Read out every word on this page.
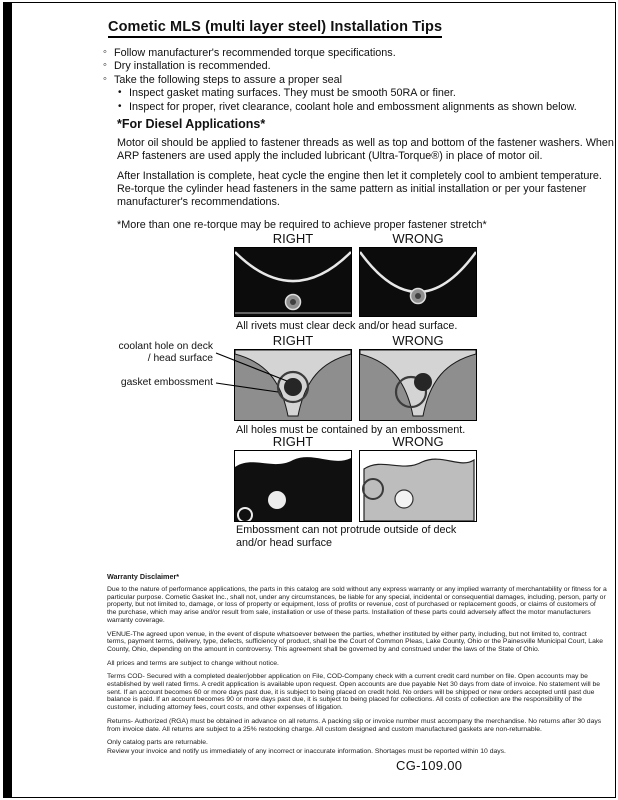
Cometic MLS (multi layer steel) Installation Tips
◦
Follow manufacturer's recommended torque specifications.
◦
Dry installation is recommended.
◦
Take the following steps to assure a proper seal
•
Inspect gasket mating surfaces. They must be smooth 50RA or finer.
•
Inspect for proper, rivet clearance, coolant hole and embossment alignments as shown below.
*For Diesel Applications*

Motor oil should be applied to fastener threads as well as top and bottom of the fastener washers. When ARP fasteners are used apply the included lubricant (Ultra-Torque®) in place of motor oil.

After Installation is complete, heat cycle the engine then let it completely cool to ambient temperature. Re-torque the cylinder head fasteners in the same pattern as initial installation or per your fastener manufacturer's recommendations.

*More than one re-torque may be required to achieve proper fastener stretch*

RIGHT	WRONG
All rivets must clear deck and/or head surface.
RIGHT	WRONG
coolant hole on deck / head surface
gasket embossment
All holes must be contained by an embossment.
RIGHT	WRONG
Embossment can not protrude outside of deck and/or head surface
Warranty Disclaimer*

Due to the nature of performance applications, the parts in this catalog are sold without any express warranty or any implied warranty of merchantability or fitness for a particular purpose. Cometic Gasket Inc., shall not, under any circumstances, be liable for any special, incidental or consequential damages, including, person, party or property, but not limited to, damage, or loss of property or equipment, loss of profits or revenue, cost of purchased or replacement goods, or claims of customers of the purchase, which may arise and/or result from sale, installation or use of these parts. Installation of these parts could adversely affect the motor manufacturers warranty coverage.

VENUE-The agreed upon venue, in the event of dispute whatsoever between the parties, whether instituted by either party, including, but not limited to, contract terms, payment terms, delivery, type, defects, sufficiency of product, shall be the Court of Common Pleas, Lake County, Ohio or the Painesville Municipal Court, Lake County, Ohio, depending on the amount in controversy. This agreement shall be governed by and construed under the laws of the State of Ohio.

All prices and terms are subject to change without notice.

Terms COD- Secured with a completed dealer/jobber application on File, COD-Company check with a current credit card number on file. Open accounts may be established by well rated firms. A credit application is available upon request. Open accounts are due payable Net 30 days from date of invoice. No statement will be sent. If an account becomes 60 or more days past due, it is subject to being placed on credit hold. No orders will be shipped or new orders accepted until past due balance is paid. If an account becomes 90 or more days past due, it is subject to being placed for collections. All costs of collection are the responsibility of the customer, including attorney fees, court costs, and other expenses of litigation.

Returns- Authorized (RGA) must be obtained in advance on all returns. A packing slip or invoice number must accompany the merchandise. No returns after 30 days from invoice date. All returns are subject to a 25% restocking charge. All custom designed and custom manufactured gaskets are non-returnable.

Only catalog parts are returnable.

Review your invoice and notify us immediately of any incorrect or inaccurate information. Shortages must be reported within 10 days.

CG-109.00
